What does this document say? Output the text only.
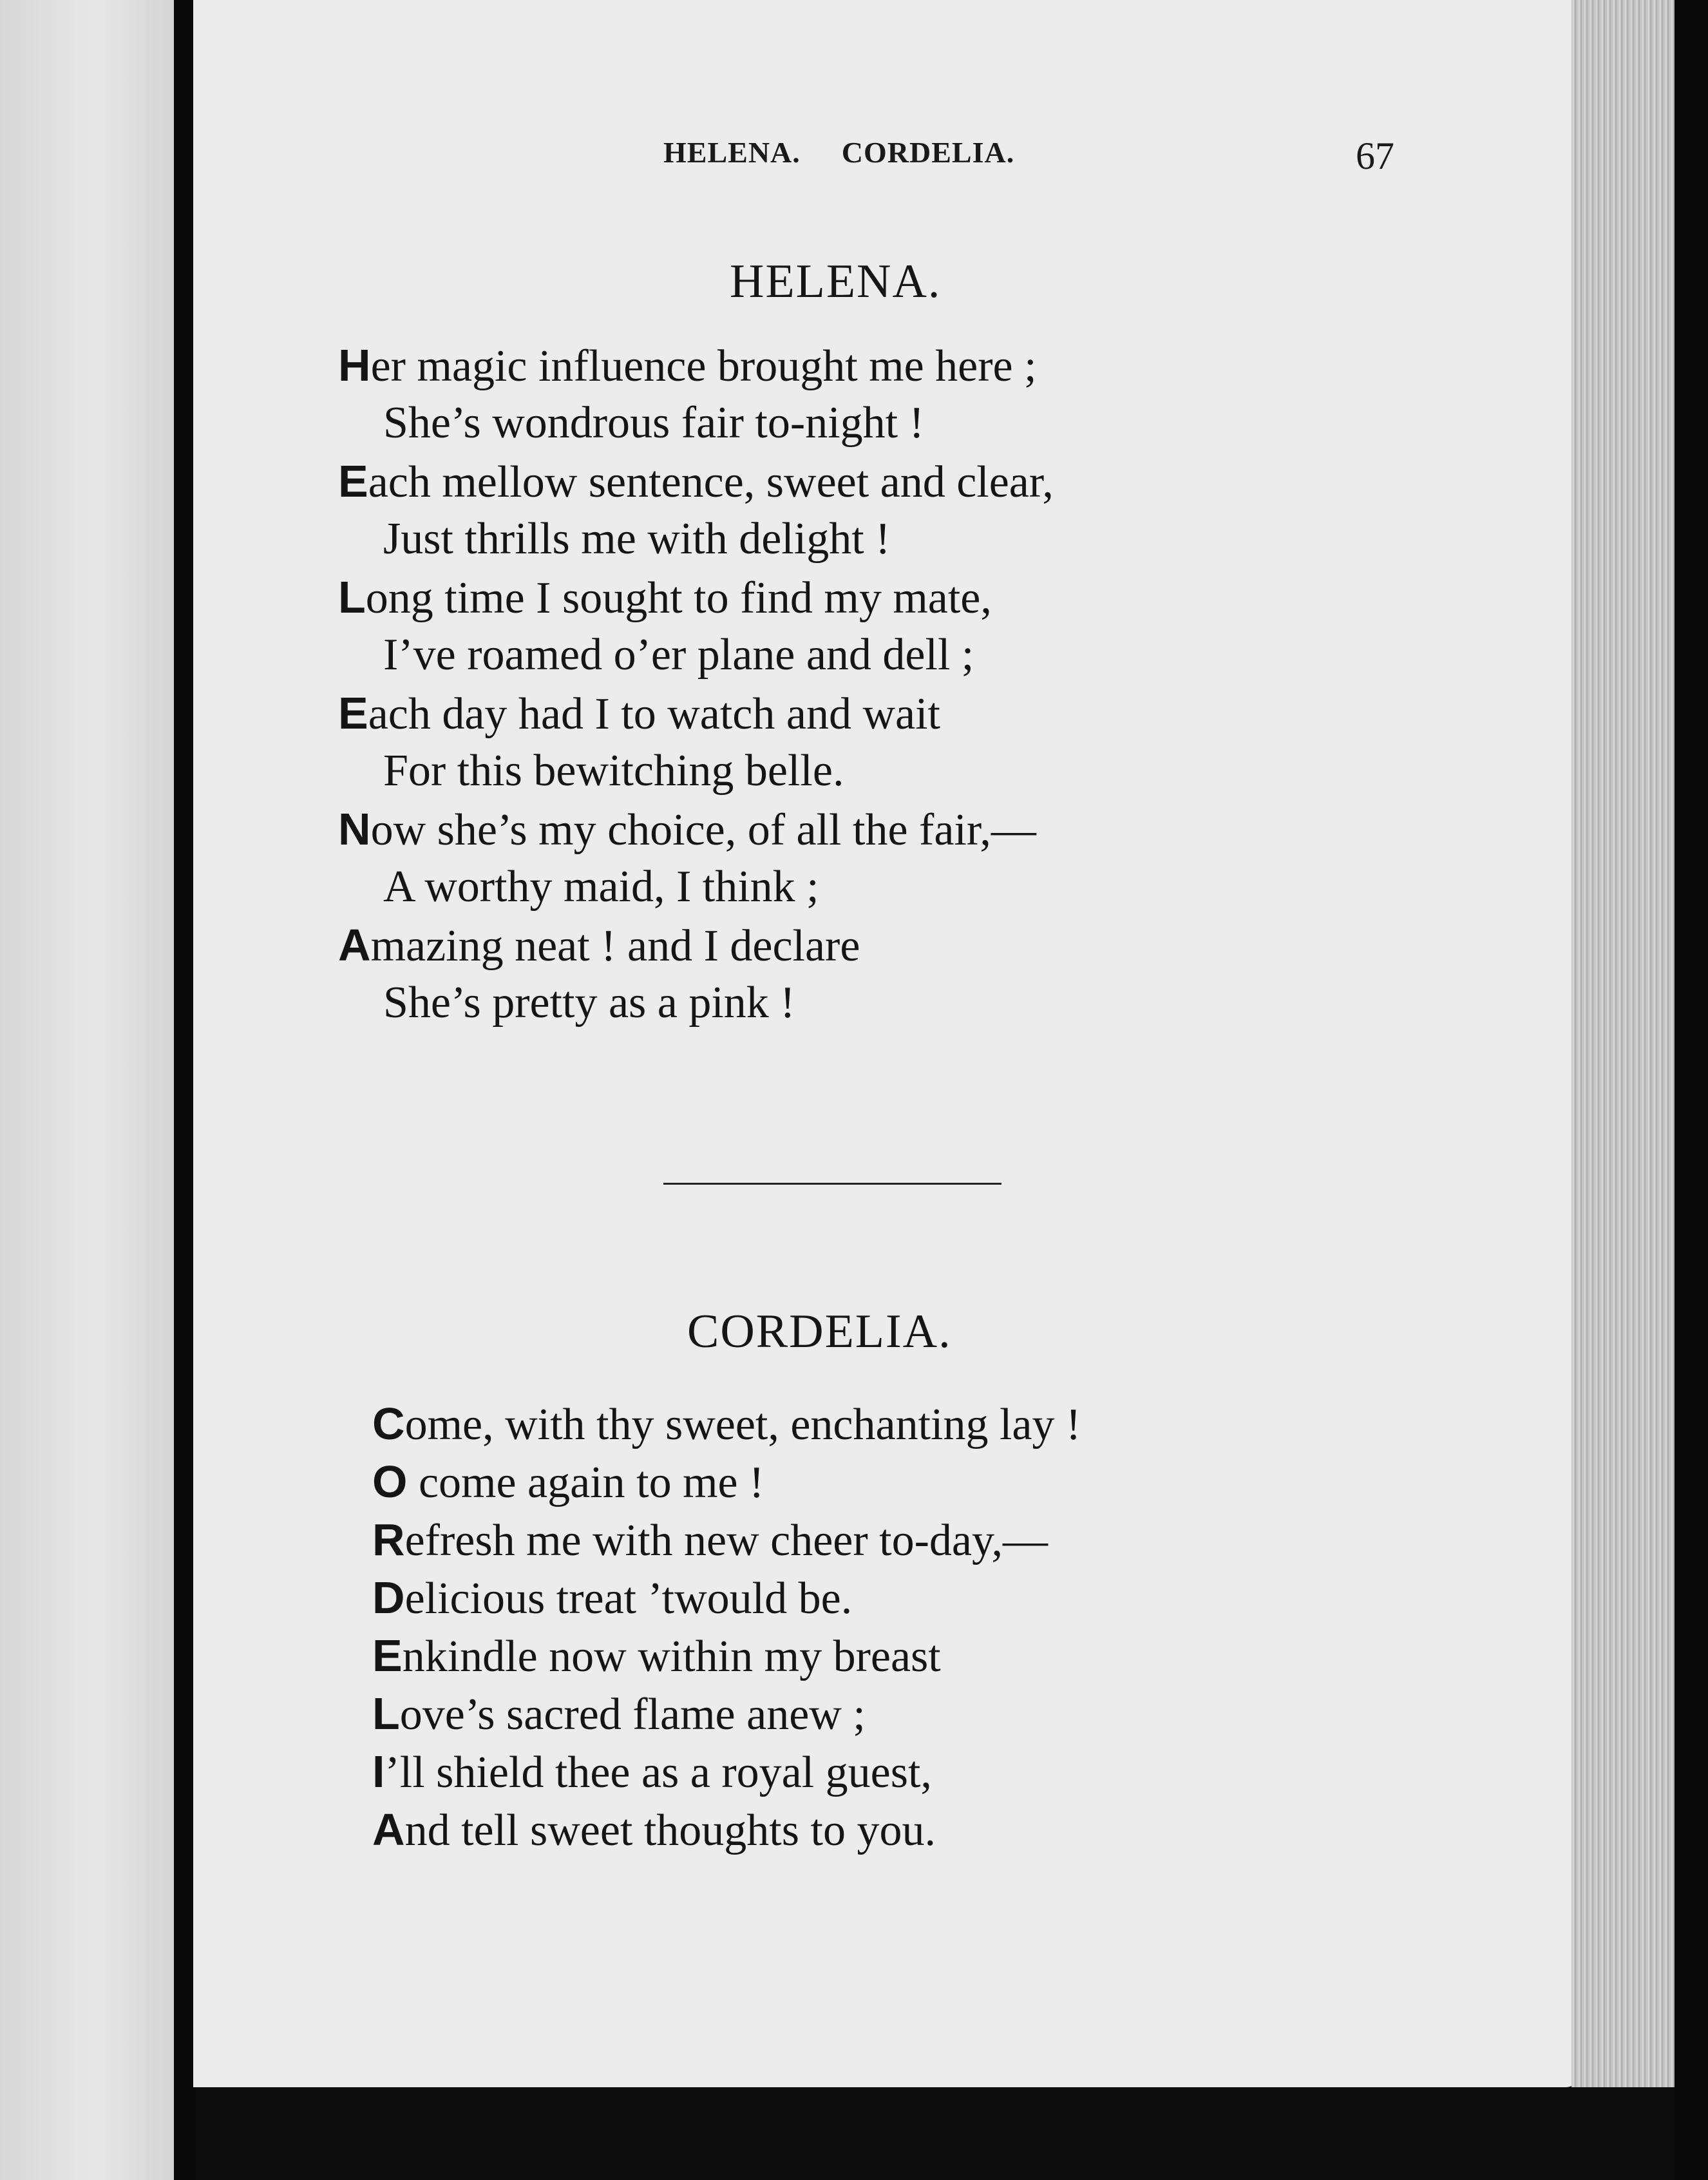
HELENA. CORDELIA.	67
HELENA.
Her magic influence brought me here ;
She’s wondrous fair to-night !
Each mellow sentence, sweet and clear,
Just thrills me with delight !
Long time I sought to find my mate,
I’ve roamed o’er plane and dell ;
Each day had I to watch and wait
For this bewitching belle.
Now she’s my choice, of all the fair,—
A worthy maid, I think ;
Amazing neat ! and I declare
She’s pretty as a pink !
CORDELIA.
Come, with thy sweet, enchanting lay !
O come again to me !
Refresh me with new cheer to-day,—
Delicious treat ’twould be.
Enkindle now within my breast
Love’s sacred flame anew ;
I’ll shield thee as a royal guest,
And tell sweet thoughts to you.
